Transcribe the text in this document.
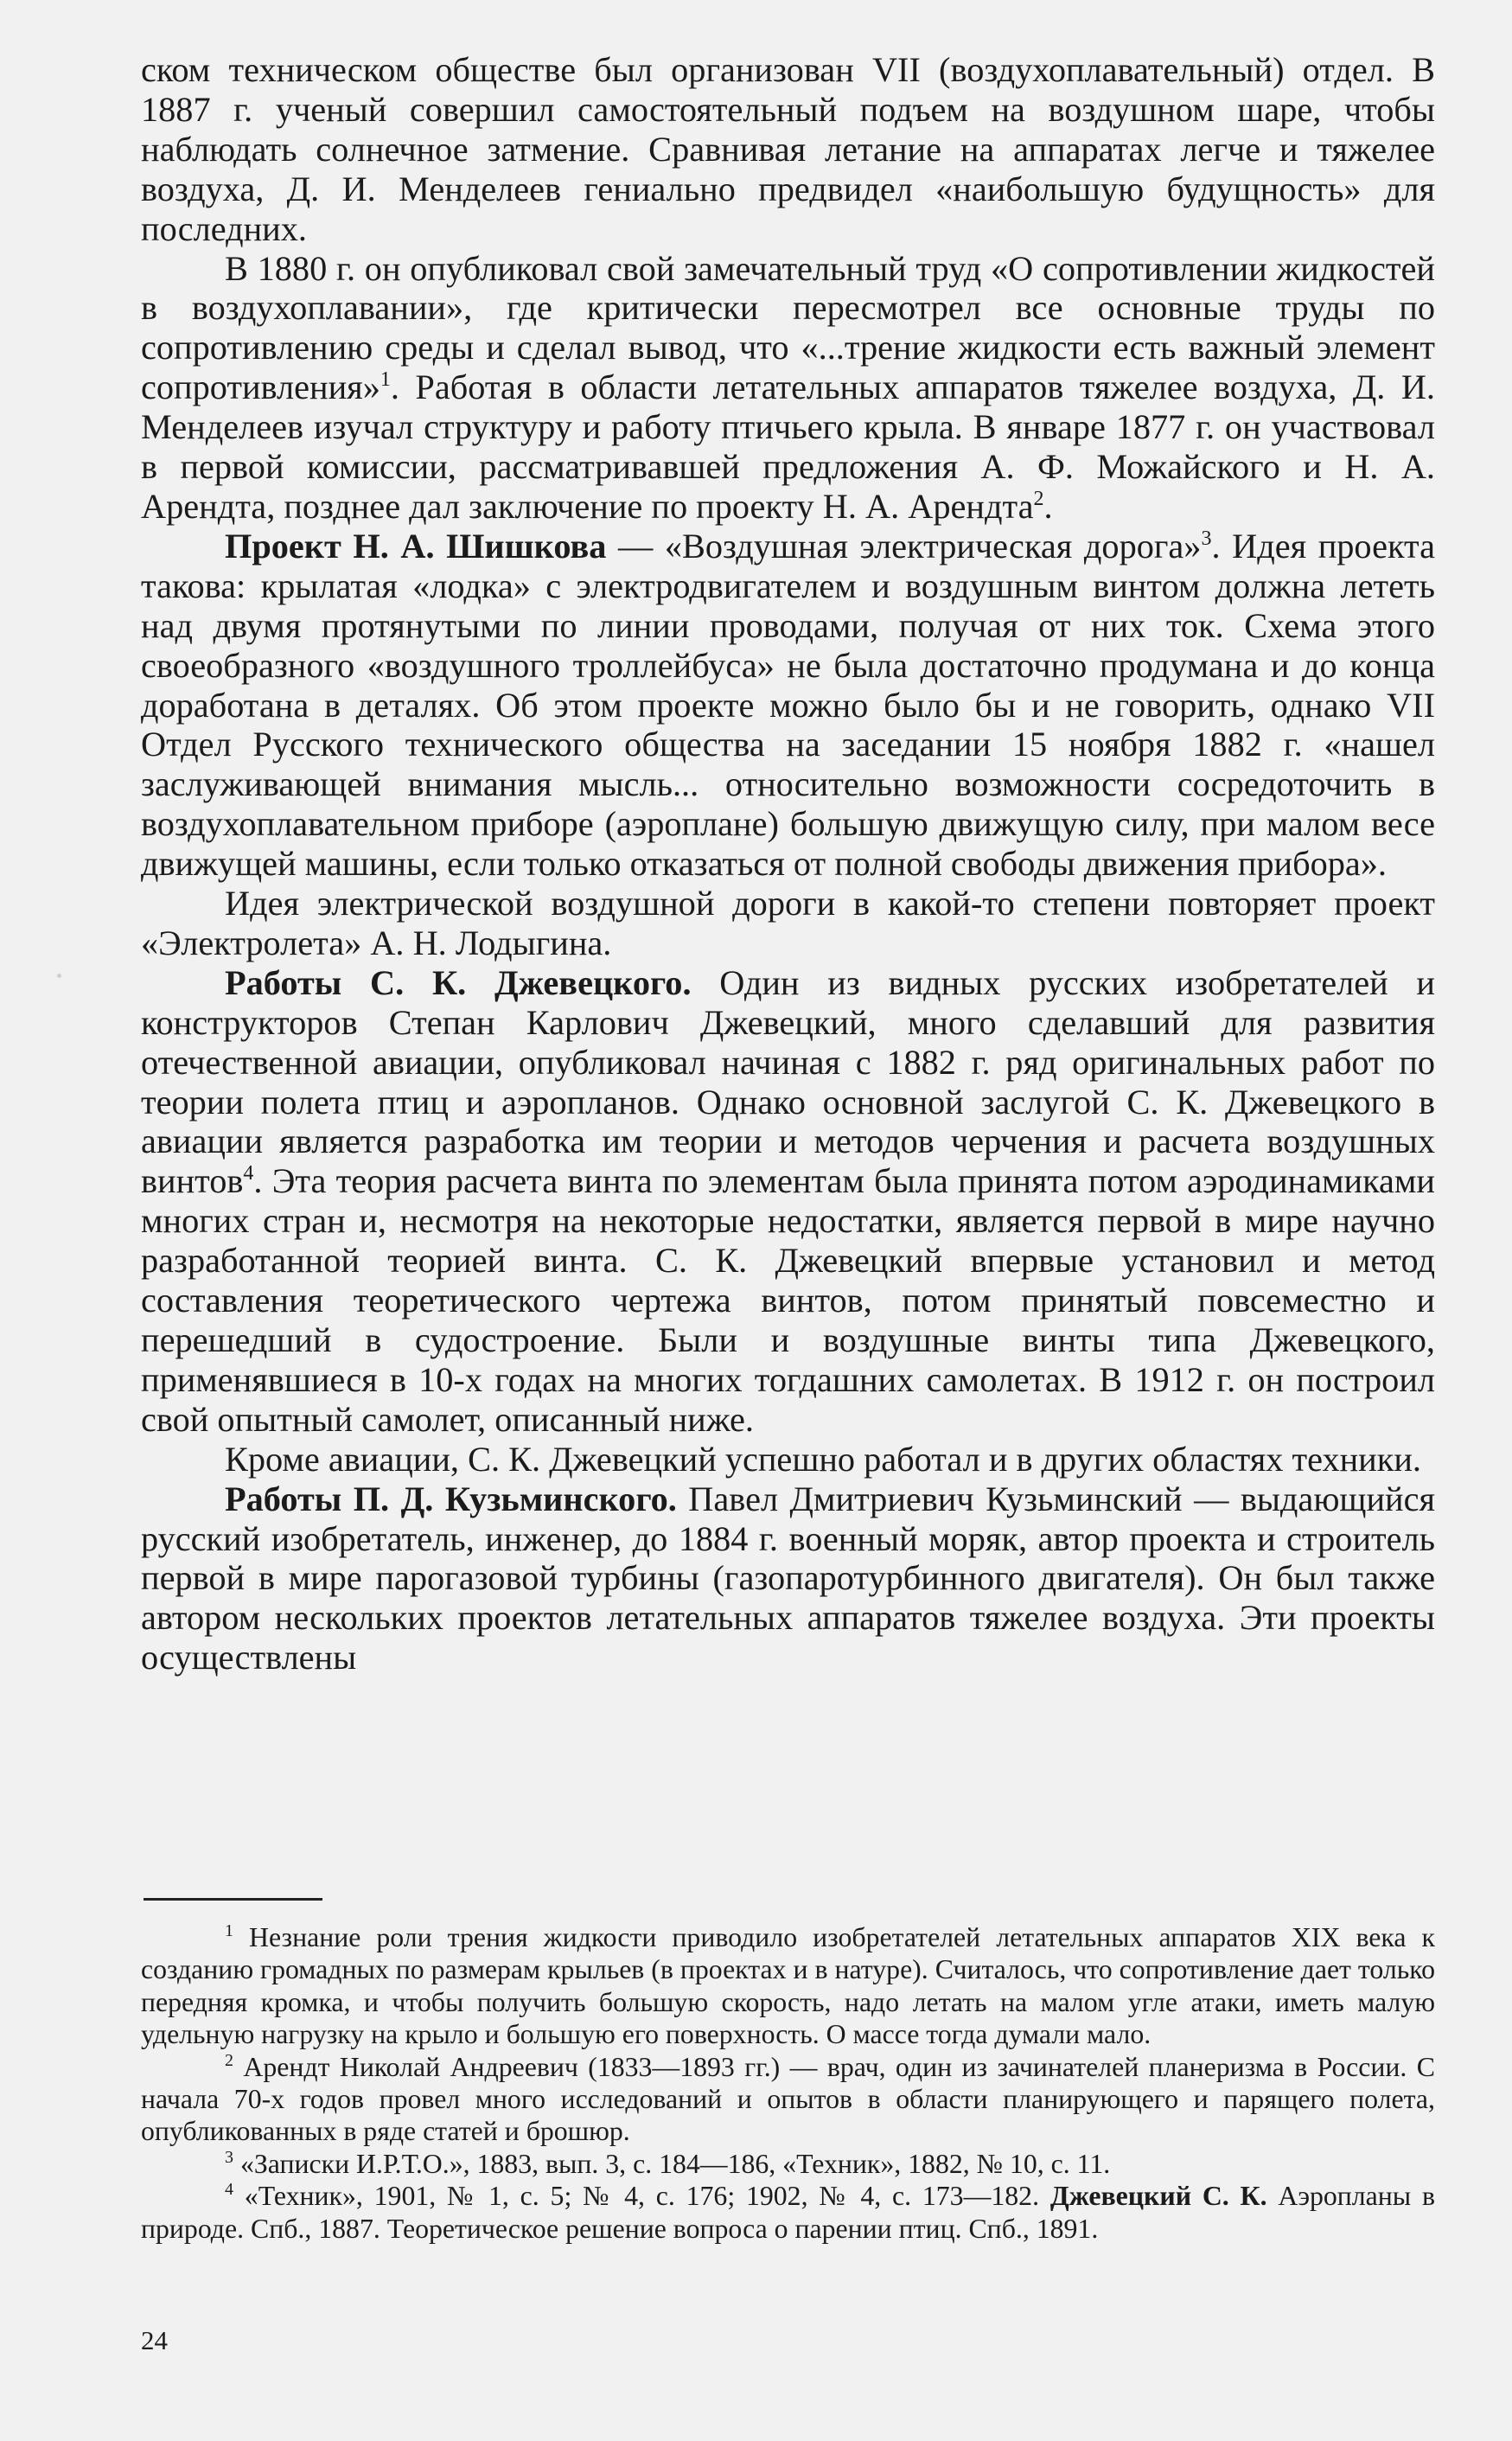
ском техническом обществе был организован VII (воздухоплавательный) отдел. В 1887 г. ученый совершил самостоятельный подъем на воздушном шаре, чтобы наблюдать солнечное затмение. Сравнивая летание на аппаратах легче и тяжелее воздуха, Д. И. Менделеев гениально предвидел «наибольшую будущность» для последних.

В 1880 г. он опубликовал свой замечательный труд «О сопротивлении жидкостей в воздухоплавании», где критически пересмотрел все основные труды по сопротивлению среды и сделал вывод, что «...трение жидкости есть важный элемент сопротивления»$^1$. Работая в области летательных аппаратов тяжелее воздуха, Д. И. Менделеев изучал структуру и работу птичьего крыла. В январе 1877 г. он участвовал в первой комиссии, рассматривавшей предложения А. Ф. Можайского и Н. А. Арендта, позднее дал заключение по проекту Н. А. Арендта$^2$.

Проект Н. А. Шишкова — «Воздушная электрическая дорога»$^3$. Идея проекта такова: крылатая «лодка» с электродвигателем и воздушным винтом должна лететь над двумя протянутыми по линии проводами, получая от них ток. Схема этого своеобразного «воздушного троллейбуса» не была достаточно продумана и до конца доработана в деталях. Об этом проекте можно было бы и не говорить, однако VII Отдел Русского технического общества на заседании 15 ноября 1882 г. «нашел заслуживающей внимания мысль... относительно возможности сосредоточить в воздухоплавательном приборе (аэроплане) большую движущую силу, при малом весе движущей машины, если только отказаться от полной свободы движения прибора».

Идея электрической воздушной дороги в какой-то степени повторяет проект «Электролета» А. Н. Лодыгина.

Работы С. К. Джевецкого. Один из видных русских изобретателей и конструкторов Степан Карлович Джевецкий, много сделавший для развития отечественной авиации, опубликовал начиная с 1882 г. ряд оригинальных работ по теории полета птиц и аэропланов. Однако основной заслугой С. К. Джевецкого в авиации является разработка им теории и методов черчения и расчета воздушных винтов$^4$. Эта теория расчета винта по элементам была принята потом аэродинамиками многих стран и, несмотря на некоторые недостатки, является первой в мире научно разработанной теорией винта. С. К. Джевецкий впервые установил и метод составления теоретического чертежа винтов, потом принятый повсеместно и перешедший в судостроение. Были и воздушные винты типа Джевецкого, применявшиеся в 10-х годах на многих тогдашних самолетах. В 1912 г. он построил свой опытный самолет, описанный ниже.

Кроме авиации, С. К. Джевецкий успешно работал и в других областях техники.

Работы П. Д. Кузьминского. Павел Дмитриевич Кузьминский — выдающийся русский изобретатель, инженер, до 1884 г. военный моряк, автор проекта и строитель первой в мире парогазовой турбины (газопаротурбинного двигателя). Он был также автором нескольких проектов летательных аппаратов тяжелее воздуха. Эти проекты осуществлены

$^1$ Незнание роли трения жидкости приводило изобретателей летательных аппаратов XIX века к созданию громадных по размерам крыльев (в проектах и в натуре). Считалось, что сопротивление дает только передняя кромка, и чтобы получить большую скорость, надо летать на малом угле атаки, иметь малую удельную нагрузку на крыло и большую его поверхность. О массе тогда думали мало.

$^2$ Арендт Николай Андреевич (1833—1893 гг.) — врач, один из зачинателей планеризма в России. С начала 70-х годов провел много исследований и опытов в области планирующего и парящего полета, опубликованных в ряде статей и брошюр.

$^3$ «Записки И.Р.Т.О.», 1883, вып. 3, с. 184—186, «Техник», 1882, № 10, с. 11.

$^4$ «Техник», 1901, № 1, с. 5; № 4, с. 176; 1902, № 4, с. 173—182. Джевецкий С. К. Аэропланы в природе. Спб., 1887. Теоретическое решение вопроса о парении птиц. Спб., 1891.

24
